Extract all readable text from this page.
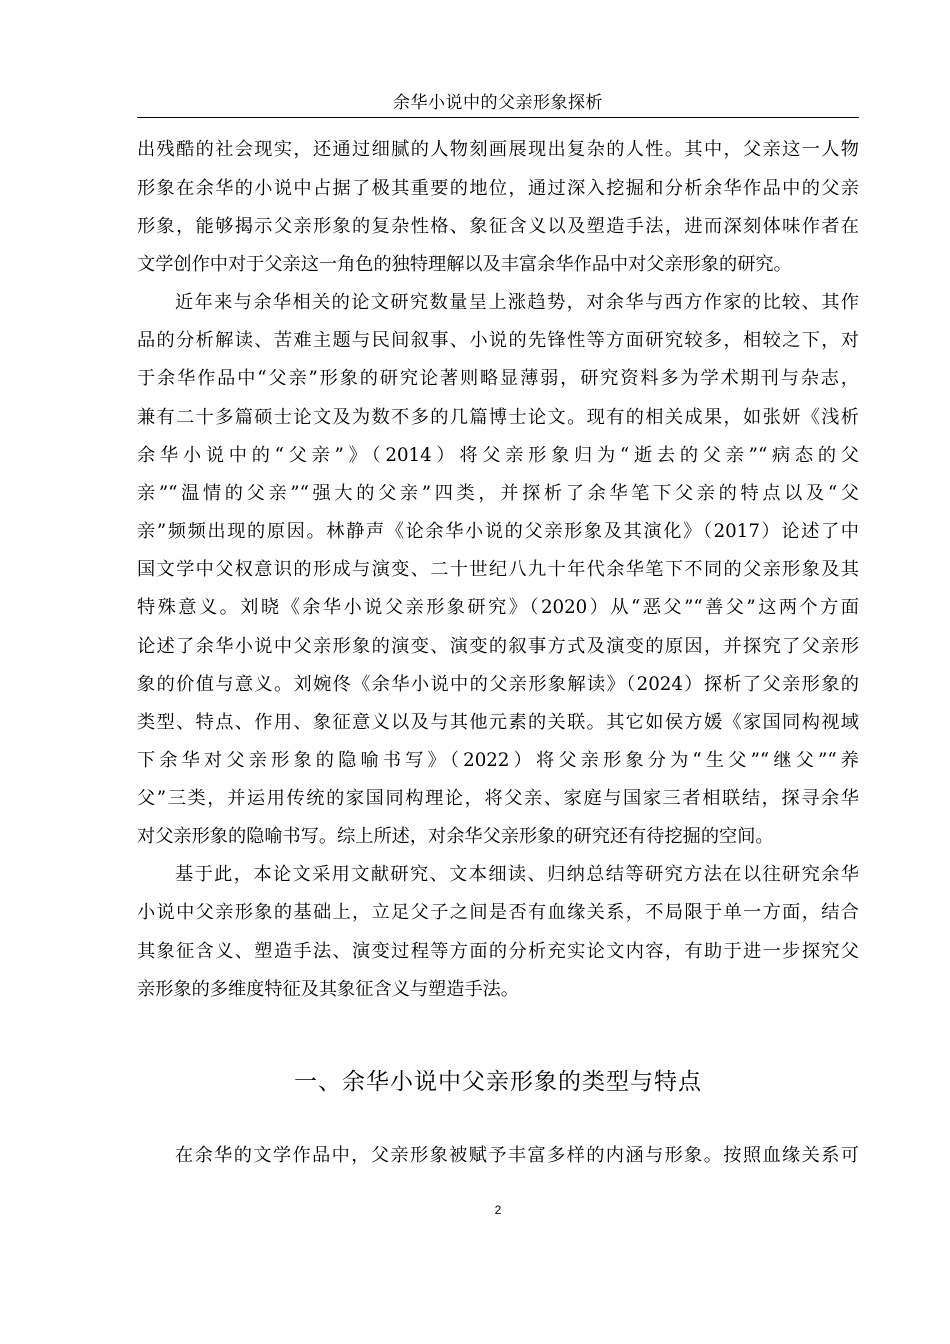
余华小说中的父亲形象探析
出残酷的社会现实，还通过细腻的人物刻画展现出复杂的人性。其中，父亲这一人物
形象在余华的小说中占据了极其重要的地位，通过深入挖掘和分析余华作品中的父亲
形象，能够揭示父亲形象的复杂性格、象征含义以及塑造手法，进而深刻体味作者在
文学创作中对于父亲这一角色的独特理解以及丰富余华作品中对父亲形象的研究。
近年来与余华相关的论文研究数量呈上涨趋势，对余华与西方作家的比较、其作
品的分析解读、苦难主题与民间叙事、小说的先锋性等方面研究较多，相较之下，对
于余华作品中“父亲”形象的研究论著则略显薄弱，研究资料多为学术期刊与杂志，
兼有二十多篇硕士论文及为数不多的几篇博士论文。现有的相关成果，如张妍《浅析
余华小说中的“父亲”》（2014）将父亲形象归为“逝去的父亲”“病态的父
亲”“温情的父亲”“强大的父亲”四类，并探析了余华笔下父亲的特点以及“父
亲”频频出现的原因。林静声《论余华小说的父亲形象及其演化》（2017）论述了中
国文学中父权意识的形成与演变、二十世纪八九十年代余华笔下不同的父亲形象及其
特殊意义。刘晓《余华小说父亲形象研究》（2020）从“恶父”“善父”这两个方面
论述了余华小说中父亲形象的演变、演变的叙事方式及演变的原因，并探究了父亲形
象的价值与意义。刘婉佟《余华小说中的父亲形象解读》（2024）探析了父亲形象的
类型、特点、作用、象征意义以及与其他元素的关联。其它如侯方媛《家国同构视域
下余华对父亲形象的隐喻书写》（2022）将父亲形象分为“生父”“继父”“养
父”三类，并运用传统的家国同构理论，将父亲、家庭与国家三者相联结，探寻余华
对父亲形象的隐喻书写。综上所述，对余华父亲形象的研究还有待挖掘的空间。
基于此，本论文采用文献研究、文本细读、归纳总结等研究方法在以往研究余华
小说中父亲形象的基础上，立足父子之间是否有血缘关系，不局限于单一方面，结合
其象征含义、塑造手法、演变过程等方面的分析充实论文内容，有助于进一步探究父
亲形象的多维度特征及其象征含义与塑造手法。
一、余华小说中父亲形象的类型与特点
在余华的文学作品中，父亲形象被赋予丰富多样的内涵与形象。按照血缘关系可
2
